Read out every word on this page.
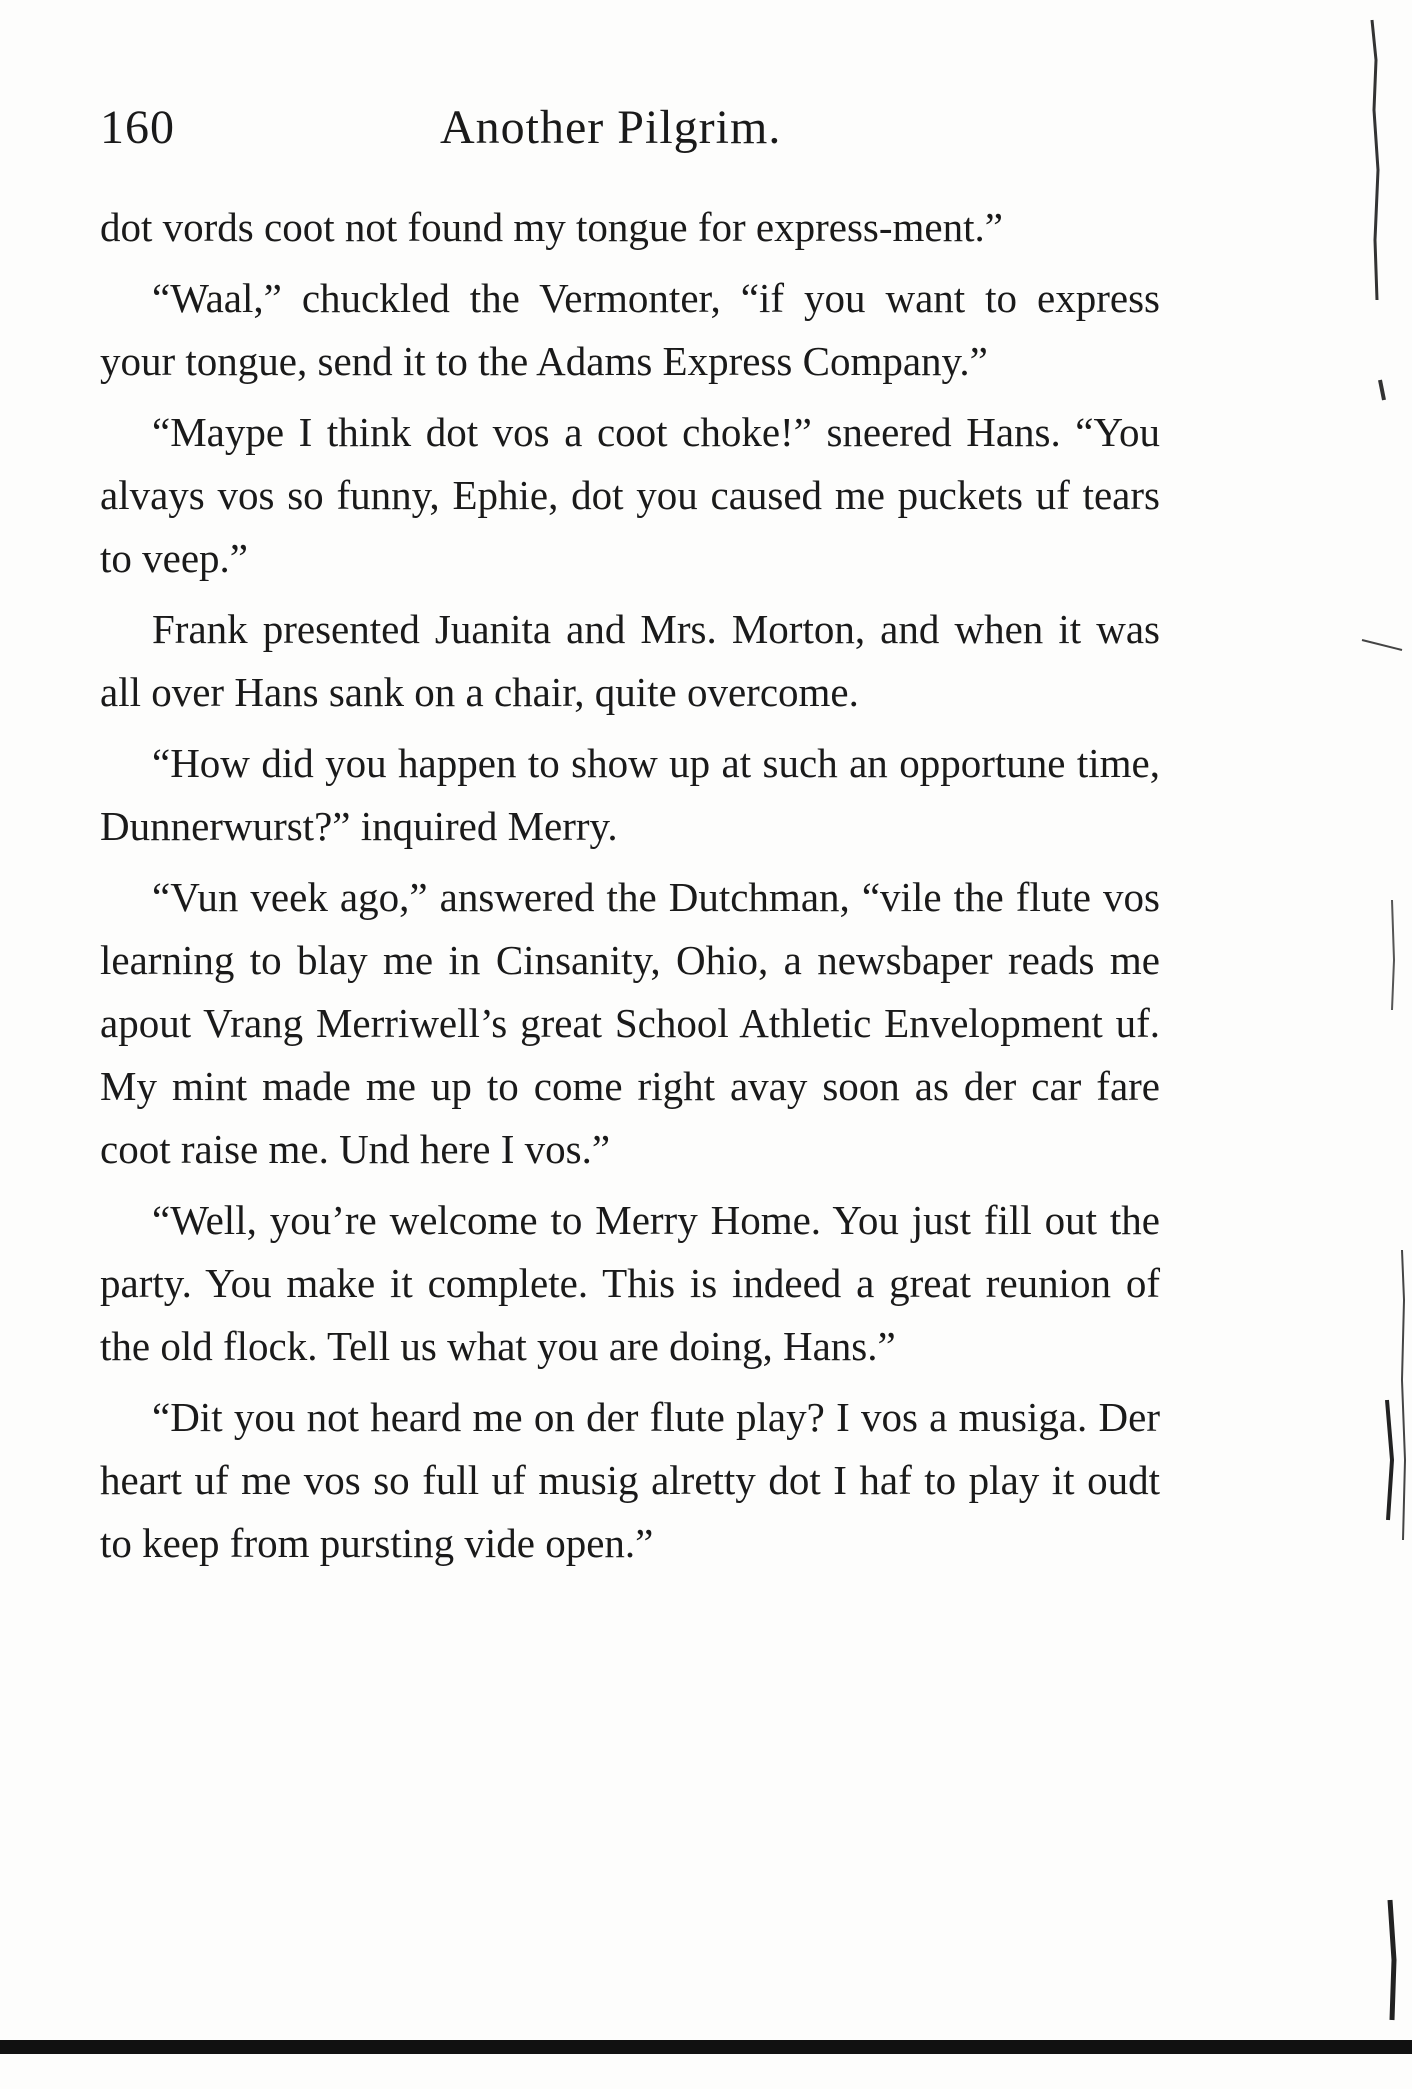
160	Another Pilgrim.

dot vords coot not found my tongue for express-ment.”

“Waal,” chuckled the Vermonter, “if you want to express your tongue, send it to the Adams Express Company.”

“Maype I think dot vos a coot choke!” sneered Hans. “You alvays vos so funny, Ephie, dot you caused me puckets uf tears to veep.”

Frank presented Juanita and Mrs. Morton, and when it was all over Hans sank on a chair, quite overcome.

“How did you happen to show up at such an opportune time, Dunnerwurst?” inquired Merry.

“Vun veek ago,” answered the Dutchman, “vile the flute vos learning to blay me in Cinsanity, Ohio, a newsbaper reads me apout Vrang Merriwell’s great School Athletic Envelopment uf. My mint made me up to come right avay soon as der car fare coot raise me. Und here I vos.”

“Well, you’re welcome to Merry Home. You just fill out the party. You make it complete. This is indeed a great reunion of the old flock. Tell us what you are doing, Hans.”

“Dit you not heard me on der flute play? I vos a musiga. Der heart uf me vos so full uf musig alretty dot I haf to play it oudt to keep from pursting vide open.”
